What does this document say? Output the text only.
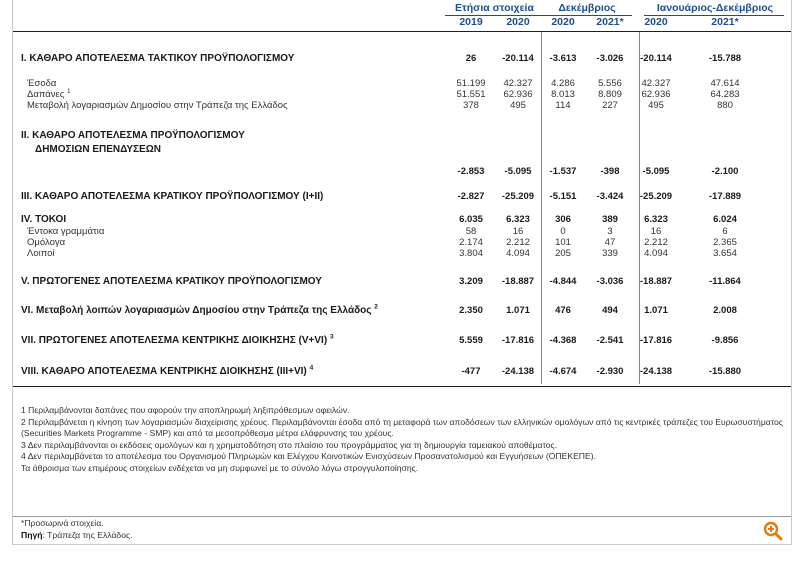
Ετήσια στοιχεία	Δεκέμβριος	Ιανουάριος-Δεκέμβριος
2019	2020	2020	2021*	2020	2021*
I. ΚΑΘΑΡΟ ΑΠΟΤΕΛΕΣΜΑ ΤΑΚΤΙΚΟΥ ΠΡΟΫΠΟΛΟΓΙΣΜΟΥ	26	-20.114	-3.613	-3.026	-20.114	-15.788
Έσοδα	51.199	42.327	4.286	5.556	42.327	47.614
Δαπάνες $^1$	51.551	62.936	8.013	8.809	62.936	64.283
Μεταβολή λογαριασμών Δημοσίου στην Τράπεζα της Ελλάδος	378	495	114	227	495	880
II. ΚΑΘΑΡΟ ΑΠΟΤΕΛΕΣΜΑ ΠΡΟΫΠΟΛΟΓΙΣΜΟΥ
ΔΗΜΟΣΙΩΝ ΕΠΕΝΔΥΣΕΩΝ
-2.853	-5.095	-1.537	-398	-5.095	-2.100
III. ΚΑΘΑΡΟ ΑΠΟΤΕΛΕΣΜΑ ΚΡΑΤΙΚΟΥ ΠΡΟΫΠΟΛΟΓΙΣΜΟΥ (I+II)	-2.827	-25.209	-5.151	-3.424	-25.209	-17.889
IV. ΤΟΚΟΙ	6.035	6.323	306	389	6.323	6.024
Έντοκα γραμμάτια	58	16	0	3	16	6
Ομόλογα	2.174	2.212	101	47	2.212	2.365
Λοιποί	3.804	4.094	205	339	4.094	3.654
V. ΠΡΩΤΟΓΕΝΕΣ ΑΠΟΤΕΛΕΣΜΑ ΚΡΑΤΙΚΟΥ ΠΡΟΫΠΟΛΟΓΙΣΜΟΥ	3.209	-18.887	-4.844	-3.036	-18.887	-11.864
VI. Μεταβολή λοιπών λογαριασμών Δημοσίου στην Τράπεζα της Ελλάδος $^2$	2.350	1.071	476	494	1.071	2.008
VII. ΠΡΩΤΟΓΕΝΕΣ ΑΠΟΤΕΛΕΣΜΑ ΚΕΝΤΡΙΚΗΣ ΔΙΟΙΚΗΣΗΣ (V+VI) $^3$	5.559	-17.816	-4.368	-2.541	-17.816	-9.856
VIII. ΚΑΘΑΡΟ ΑΠΟΤΕΛΕΣΜΑ ΚΕΝΤΡΙΚΗΣ ΔΙΟΙΚΗΣΗΣ (III+VI) $^4$	-477	-24.138	-4.674	-2.930	-24.138	-15.880

1 Περιλαμβάνονται δαπάνες που αφορούν την αποπληρωμή ληξιπρόθεσμων οφειλών.

2 Περιλαμβάνεται η κίνηση των λογαριασμών διαχείρισης χρέους. Περιλαμβάνονται έσοδα από τη μεταφορά των αποδόσεων των ελληνικών ομολόγων από τις κεντρικές τράπεζες του Ευρωσυστήματος (Securities Markets Programme - SMP) και από τα μεσοπρόθεσμα μέτρα ελάφρυνσης του χρέους.

3 Δεν περιλαμβάνονται οι εκδόσεις ομολόγων και η χρηματοδότηση στο πλαίσιο του προγράμματος για τη δημιουργία ταμειακού αποθέματος.

4 Δεν περιλαμβάνεται το αποτέλεσμα του Οργανισμού Πληρωμών και Ελέγχου Κοινοτικών Ενισχύσεων Προσανατολισμού και Εγγυήσεων (ΟΠΕΚΕΠΕ).

Τα άθροισμα των επιμέρους στοιχείων ενδέχεται να μη συμφωνεί με το σύνολο λόγω στρογγυλοποίησης.

*Προσωρινά στοιχεία.
Πηγή: Τράπεζα της Ελλάδος.
